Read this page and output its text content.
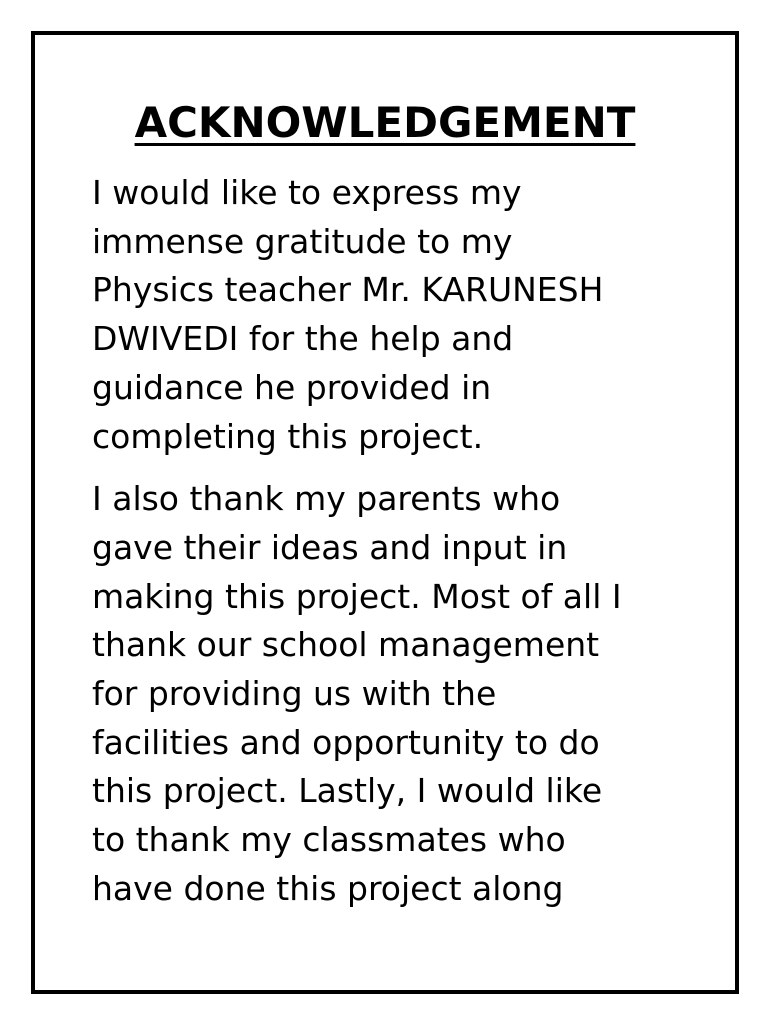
ACKNOWLEDGEMENT

I would like to express my
immense gratitude to my
Physics teacher Mr. KARUNESH
DWIVEDI for the help and
guidance he provided in
completing this project.

I also thank my parents who
gave their ideas and input in
making this project. Most of all I
thank our school management
for providing us with the
facilities and opportunity to do
this project. Lastly, I would like
to thank my classmates who
have done this project along
